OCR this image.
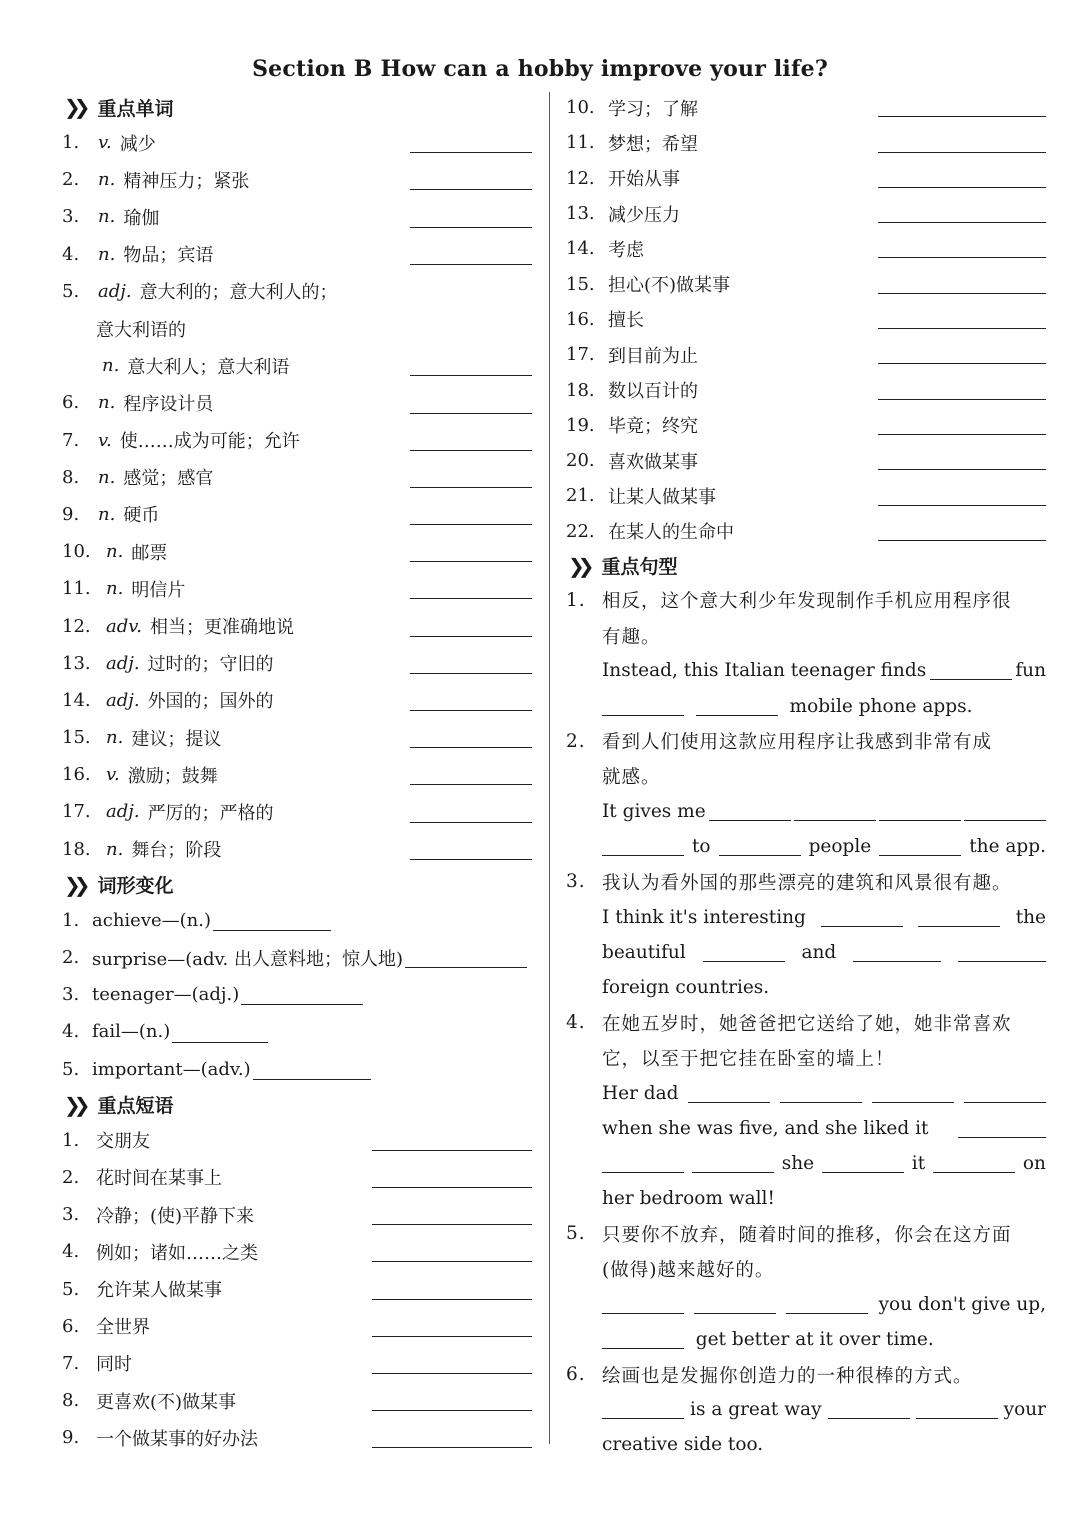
Section B How can a hobby improve your life?
❯❯ 重点单词
1.	v. 减少
2.	n. 精神压力；紧张
3.	n. 瑜伽
4.	n. 物品；宾语
5.	adj. 意大利的；意大利人的；
意大利语的
n. 意大利人；意大利语
6.	n. 程序设计员
7.	v. 使……成为可能；允许
8.	n. 感觉；感官
9.	n. 硬币
10. n. 邮票
11. n. 明信片
12. adv. 相当；更准确地说
13. adj. 过时的；守旧的
14. adj. 外国的；国外的
15. n. 建议；提议
16. v. 激励；鼓舞
17. adj. 严厉的；严格的
18. n. 舞台；阶段
❯❯ 词形变化
1. achieve—(n.)
2. surprise—(adv. 出人意料地；惊人地)
3. teenager—(adj.)
4. fail—(n.)
5. important—(adv.)
❯❯ 重点短语
1. 交朋友
2. 花时间在某事上
3. 冷静；(使)平静下来
4. 例如；诸如……之类
5. 允许某人做某事
6. 全世界
7. 同时
8. 更喜欢(不)做某事
9. 一个做某事的好办法
10. 学习；了解
11. 梦想；希望
12. 开始从事
13. 减少压力
14. 考虑
15. 担心(不)做某事
16. 擅长
17. 到目前为止
18. 数以百计的
19. 毕竟；终究
20. 喜欢做某事
21. 让某人做某事
22. 在某人的生命中
❯❯ 重点句型
1. 相反，这个意大利少年发现制作手机应用程序很
有趣。
Instead, this Italian teenager finds	fun

mobile phone apps.
2. 看到人们使用这款应用程序让我感到非常有成
就感。
It gives me
to	people	the app.
3. 我认为看外国的那些漂亮的建筑和风景很有趣。
I think it's interesting	the
beautiful	and
foreign countries.
4. 在她五岁时，她爸爸把它送给了她，她非常喜欢
它，以至于把它挂在卧室的墙上！
Her dad
when she was five, and she liked it
she	it	on
her bedroom wall!
5. 只要你不放弃，随着时间的推移，你会在这方面
(做得)越来越好的。
you don't give up,

get better at it over time.
6. 绘画也是发掘你创造力的一种很棒的方式。
is a great way	your
creative side too.
